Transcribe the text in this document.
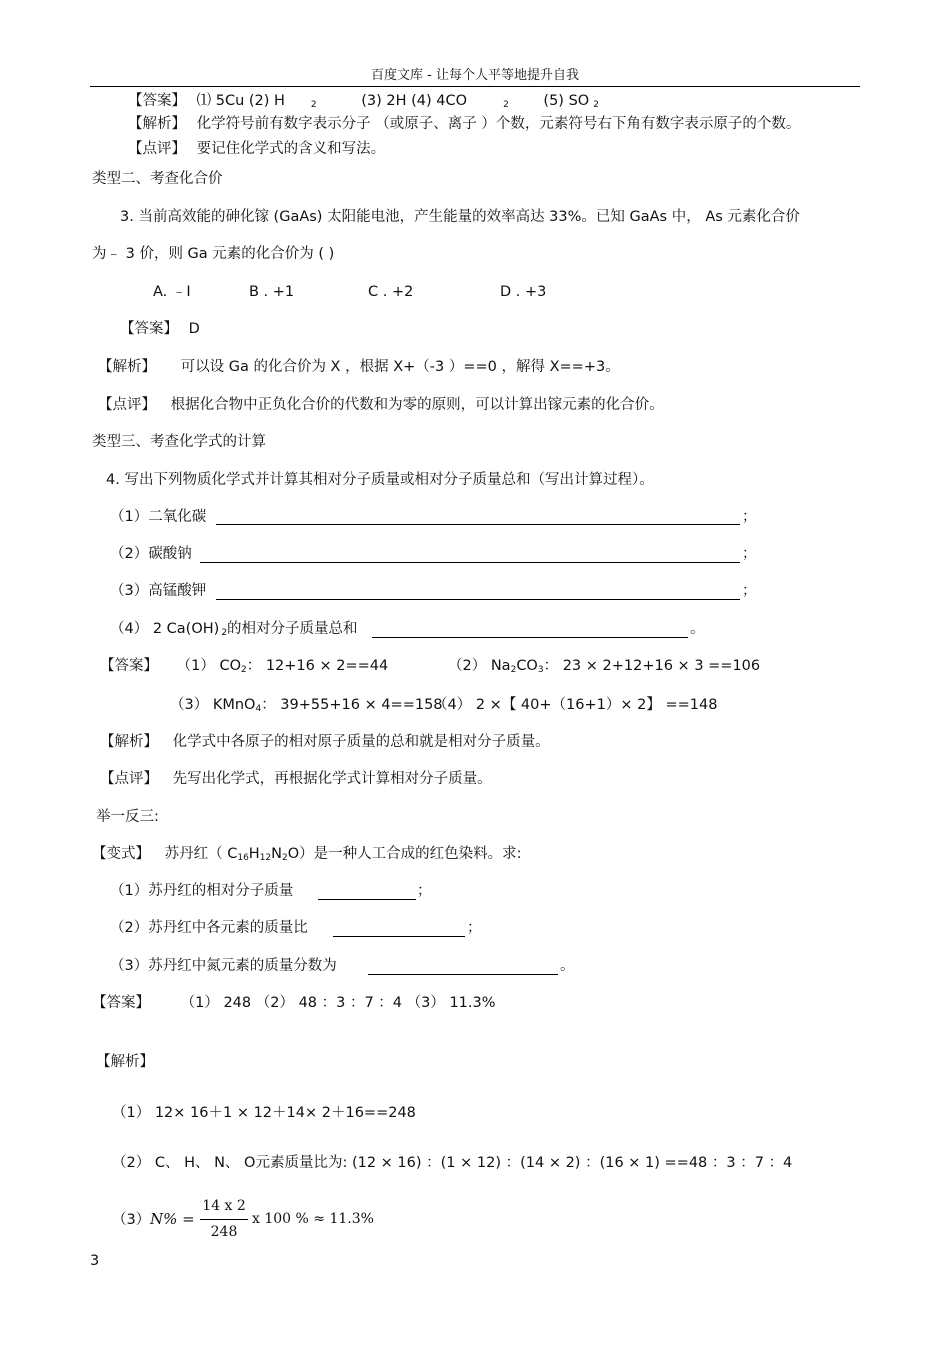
百度文库 - 让每个人平等地提升自我
【答案】 ⑴ 5Cu (2) H	$_2$	(3) 2H (4) 4CO	$_2$ (5) SO $_2$
【解析】 化学符号前有数字表示分子 （或原子、离子 ）个数，元素符号右下角有数字表示原子的个数。
【点评】 要记住化学式的含义和写法。
类型二、考查化合价
3. 当前高效能的砷化镓 (GaAs) 太阳能电池，产生能量的效率高达 33%。已知 GaAs 中， As 元素化合价
为﹣ 3 价，则 Ga 元素的化合价为 ( )
A. ﹣I	B . +1	C . +2	D . +3
【答案】 D
【解析】 可以设 Ga 的化合价为 X ，根据 X+（-3 ）==0 ，解得 X==+3。
【点评】 根据化合物中正负化合价的代数和为零的原则，可以计算出镓元素的化合价。
类型三、考查化学式的计算
4. 写出下列物质化学式并计算其相对分子质量或相对分子质量总和（写出计算过程）。
（1）二氧化碳	；
（2）碳酸钠	；
（3）高锰酸钾	；
（4） 2 Ca(OH) $_2$的相对分子质量总和	。
【答案】 （1） $CO_2$： 12+16 × 2==44	（2） $Na_2CO_3$： 23 × 2+12+16 × 3 ==106
（3） KMnO$_4$： 39+55+16 × 4==158
（4） 2 ×【 40+（16+1）× 2】 ==148
【解析】 化学式中各原子的相对原子质量的总和就是相对分子质量。
【点评】 先写出化学式，再根据化学式计算相对分子质量。
举一反三:
【变式】 苏丹红（ $C_{16}H_{12}N_2O$）是一种人工合成的红色染料。求:
（1）苏丹红的相对分子质量	；
（2）苏丹红中各元素的质量比	；
（3）苏丹红中氮元素的质量分数为	。
【答案】 （1） 248 （2） 48 ：3 ：7 ：4 （3） 11.3%
【解析】
（1） 12× 16＋1 × 12＋14× 2＋16==248
（2） C、 H、 N、 O元素质量比为: (12 × 16) ：(1 × 12) ：(14 × 2) ：(16 × 1) ==48 ：3 ：7 ：4
（3） N% =
14 x 2
248
x 100 % ≈ 11.3%
3
